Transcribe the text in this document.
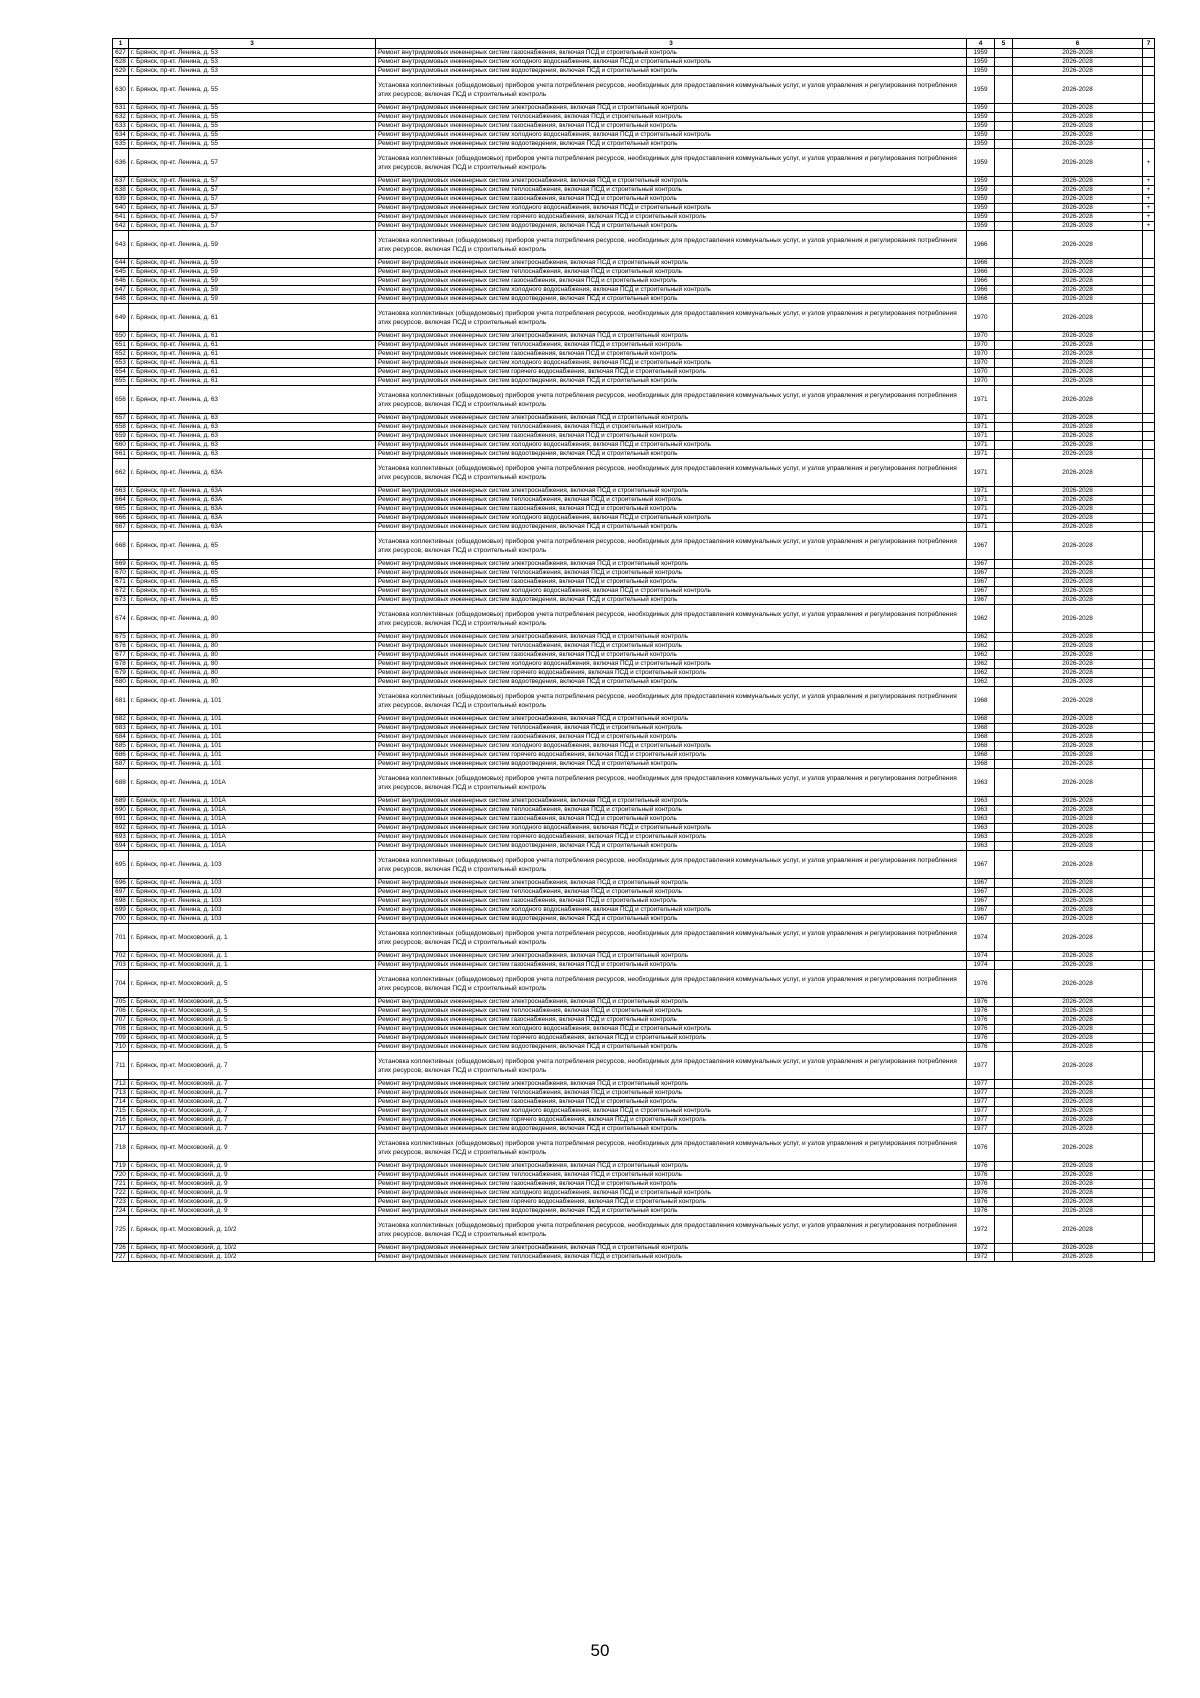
1	3	3	4	5	6	7
627	г. Брянск, пр-кт. Ленина, д. 53	Ремонт внутридомовых инженерных систем газоснабжения, включая ПСД и строительный контроль	1959		2026-2028	
628	г. Брянск, пр-кт. Ленина, д. 53	Ремонт внутридомовых инженерных систем холодного водоснабжения, включая ПСД и строительный контроль	1959		2026-2028	
629	г. Брянск, пр-кт. Ленина, д. 53	Ремонт внутридомовых инженерных систем водоотведения, включая ПСД и строительный контроль	1959		2026-2028	
630	г. Брянск, пр-кт. Ленина, д. 55	Установка коллективных (общедомовых) приборов учета потребления ресурсов, необходимых для предоставления коммунальных услуг, и узлов управления и регулирования потребления этих ресурсов, включая ПСД и строительный контроль	1959		2026-2028	
631	г. Брянск, пр-кт. Ленина, д. 55	Ремонт внутридомовых инженерных систем электроснабжения, включая ПСД и строительный контроль	1959		2026-2028	
632	г. Брянск, пр-кт. Ленина, д. 55	Ремонт внутридомовых инженерных систем теплоснабжения, включая ПСД и строительный контроль	1959		2026-2028	
633	г. Брянск, пр-кт. Ленина, д. 55	Ремонт внутридомовых инженерных систем газоснабжения, включая ПСД и строительный контроль	1959		2026-2028	
634	г. Брянск, пр-кт. Ленина, д. 55	Ремонт внутридомовых инженерных систем холодного водоснабжения, включая ПСД и строительный контроль	1959		2026-2028	
635	г. Брянск, пр-кт. Ленина, д. 55	Ремонт внутридомовых инженерных систем водоотведения, включая ПСД и строительный контроль	1959		2026-2028	
636	г. Брянск, пр-кт. Ленина, д. 57	Установка коллективных (общедомовых) приборов учета потребления ресурсов, необходимых для предоставления коммунальных услуг, и узлов управления и регулирования потребления этих ресурсов, включая ПСД и строительный контроль	1959		2026-2028	+
637	г. Брянск, пр-кт. Ленина, д. 57	Ремонт внутридомовых инженерных систем электроснабжения, включая ПСД и строительный контроль	1959		2026-2028	+
638	г. Брянск, пр-кт. Ленина, д. 57	Ремонт внутридомовых инженерных систем теплоснабжения, включая ПСД и строительный контроль	1959		2026-2028	+
639	г. Брянск, пр-кт. Ленина, д. 57	Ремонт внутридомовых инженерных систем газоснабжения, включая ПСД и строительный контроль	1959		2026-2028	+
640	г. Брянск, пр-кт. Ленина, д. 57	Ремонт внутридомовых инженерных систем холодного водоснабжения, включая ПСД и строительный контроль	1959		2026-2028	+
641	г. Брянск, пр-кт. Ленина, д. 57	Ремонт внутридомовых инженерных систем горячего водоснабжения, включая ПСД и строительный контроль	1959		2026-2028	+
642	г. Брянск, пр-кт. Ленина, д. 57	Ремонт внутридомовых инженерных систем водоотведения, включая ПСД и строительный контроль	1959		2026-2028	+
643	г. Брянск, пр-кт. Ленина, д. 59	Установка коллективных (общедомовых) приборов учета потребления ресурсов, необходимых для предоставления коммунальных услуг, и узлов управления и регулирования потребления этих ресурсов, включая ПСД и строительный контроль	1966		2026-2028	
644	г. Брянск, пр-кт. Ленина, д. 59	Ремонт внутридомовых инженерных систем электроснабжения, включая ПСД и строительный контроль	1966		2026-2028	
645	г. Брянск, пр-кт. Ленина, д. 59	Ремонт внутридомовых инженерных систем теплоснабжения, включая ПСД и строительный контроль	1966		2026-2028	
646	г. Брянск, пр-кт. Ленина, д. 59	Ремонт внутридомовых инженерных систем газоснабжения, включая ПСД и строительный контроль	1966		2026-2028	
647	г. Брянск, пр-кт. Ленина, д. 59	Ремонт внутридомовых инженерных систем холодного водоснабжения, включая ПСД и строительный контроль	1966		2026-2028	
648	г. Брянск, пр-кт. Ленина, д. 59	Ремонт внутридомовых инженерных систем водоотведения, включая ПСД и строительный контроль	1966		2026-2028	
649	г. Брянск, пр-кт. Ленина, д. 61	Установка коллективных (общедомовых) приборов учета потребления ресурсов, необходимых для предоставления коммунальных услуг, и узлов управления и регулирования потребления этих ресурсов, включая ПСД и строительный контроль	1970		2026-2028	
650	г. Брянск, пр-кт. Ленина, д. 61	Ремонт внутридомовых инженерных систем электроснабжения, включая ПСД и строительный контроль	1970		2026-2028	
651	г. Брянск, пр-кт. Ленина, д. 61	Ремонт внутридомовых инженерных систем теплоснабжения, включая ПСД и строительный контроль	1970		2026-2028	
652	г. Брянск, пр-кт. Ленина, д. 61	Ремонт внутридомовых инженерных систем газоснабжения, включая ПСД и строительный контроль	1970		2026-2028	
653	г. Брянск, пр-кт. Ленина, д. 61	Ремонт внутридомовых инженерных систем холодного водоснабжения, включая ПСД и строительный контроль	1970		2026-2028	
654	г. Брянск, пр-кт. Ленина, д. 61	Ремонт внутридомовых инженерных систем горячего водоснабжения, включая ПСД и строительный контроль	1970		2026-2028	
655	г. Брянск, пр-кт. Ленина, д. 61	Ремонт внутридомовых инженерных систем водоотведения, включая ПСД и строительный контроль	1970		2026-2028	
656	г. Брянск, пр-кт. Ленина, д. 63	Установка коллективных (общедомовых) приборов учета потребления ресурсов, необходимых для предоставления коммунальных услуг, и узлов управления и регулирования потребления этих ресурсов, включая ПСД и строительный контроль	1971		2026-2028	
657	г. Брянск, пр-кт. Ленина, д. 63	Ремонт внутридомовых инженерных систем электроснабжения, включая ПСД и строительный контроль	1971		2026-2028	
658	г. Брянск, пр-кт. Ленина, д. 63	Ремонт внутридомовых инженерных систем теплоснабжения, включая ПСД и строительный контроль	1971		2026-2028	
659	г. Брянск, пр-кт. Ленина, д. 63	Ремонт внутридомовых инженерных систем газоснабжения, включая ПСД и строительный контроль	1971		2026-2028	
660	г. Брянск, пр-кт. Ленина, д. 63	Ремонт внутридомовых инженерных систем холодного водоснабжения, включая ПСД и строительный контроль	1971		2026-2028	
661	г. Брянск, пр-кт. Ленина, д. 63	Ремонт внутридомовых инженерных систем водоотведения, включая ПСД и строительный контроль	1971		2026-2028	
662	г. Брянск, пр-кт. Ленина, д. 63А	Установка коллективных (общедомовых) приборов учета потребления ресурсов, необходимых для предоставления коммунальных услуг, и узлов управления и регулирования потребления этих ресурсов, включая ПСД и строительный контроль	1971		2026-2028	
663	г. Брянск, пр-кт. Ленина, д. 63А	Ремонт внутридомовых инженерных систем электроснабжения, включая ПСД и строительный контроль	1971		2026-2028	
664	г. Брянск, пр-кт. Ленина, д. 63А	Ремонт внутридомовых инженерных систем теплоснабжения, включая ПСД и строительный контроль	1971		2026-2028	
665	г. Брянск, пр-кт. Ленина, д. 63А	Ремонт внутридомовых инженерных систем газоснабжения, включая ПСД и строительный контроль	1971		2026-2028	
666	г. Брянск, пр-кт. Ленина, д. 63А	Ремонт внутридомовых инженерных систем холодного водоснабжения, включая ПСД и строительный контроль	1971		2026-2028	
667	г. Брянск, пр-кт. Ленина, д. 63А	Ремонт внутридомовых инженерных систем водоотведения, включая ПСД и строительный контроль	1971		2026-2028	
668	г. Брянск, пр-кт. Ленина, д. 65	Установка коллективных (общедомовых) приборов учета потребления ресурсов, необходимых для предоставления коммунальных услуг, и узлов управления и регулирования потребления этих ресурсов, включая ПСД и строительный контроль	1967		2026-2028	
669	г. Брянск, пр-кт. Ленина, д. 65	Ремонт внутридомовых инженерных систем электроснабжения, включая ПСД и строительный контроль	1967		2026-2028	
670	г. Брянск, пр-кт. Ленина, д. 65	Ремонт внутридомовых инженерных систем теплоснабжения, включая ПСД и строительный контроль	1967		2026-2028	
671	г. Брянск, пр-кт. Ленина, д. 65	Ремонт внутридомовых инженерных систем газоснабжения, включая ПСД и строительный контроль	1967		2026-2028	
672	г. Брянск, пр-кт. Ленина, д. 65	Ремонт внутридомовых инженерных систем холодного водоснабжения, включая ПСД и строительный контроль	1967		2026-2028	
673	г. Брянск, пр-кт. Ленина, д. 65	Ремонт внутридомовых инженерных систем водоотведения, включая ПСД и строительный контроль	1967		2026-2028	
674	г. Брянск, пр-кт. Ленина, д. 80	Установка коллективных (общедомовых) приборов учета потребления ресурсов, необходимых для предоставления коммунальных услуг, и узлов управления и регулирования потребления этих ресурсов, включая ПСД и строительный контроль	1962		2026-2028	
675	г. Брянск, пр-кт. Ленина, д. 80	Ремонт внутридомовых инженерных систем электроснабжения, включая ПСД и строительный контроль	1962		2026-2028	
676	г. Брянск, пр-кт. Ленина, д. 80	Ремонт внутридомовых инженерных систем теплоснабжения, включая ПСД и строительный контроль	1962		2026-2028	
677	г. Брянск, пр-кт. Ленина, д. 80	Ремонт внутридомовых инженерных систем газоснабжения, включая ПСД и строительный контроль	1962		2026-2028	
678	г. Брянск, пр-кт. Ленина, д. 80	Ремонт внутридомовых инженерных систем холодного водоснабжения, включая ПСД и строительный контроль	1962		2026-2028	
679	г. Брянск, пр-кт. Ленина, д. 80	Ремонт внутридомовых инженерных систем горячего водоснабжения, включая ПСД и строительный контроль	1962		2026-2028	
680	г. Брянск, пр-кт. Ленина, д. 80	Ремонт внутридомовых инженерных систем водоотведения, включая ПСД и строительный контроль	1962		2026-2028	
681	г. Брянск, пр-кт. Ленина, д. 101	Установка коллективных (общедомовых) приборов учета потребления ресурсов, необходимых для предоставления коммунальных услуг, и узлов управления и регулирования потребления этих ресурсов, включая ПСД и строительный контроль	1968		2026-2028	
682	г. Брянск, пр-кт. Ленина, д. 101	Ремонт внутридомовых инженерных систем электроснабжения, включая ПСД и строительный контроль	1968		2026-2028	
683	г. Брянск, пр-кт. Ленина, д. 101	Ремонт внутридомовых инженерных систем теплоснабжения, включая ПСД и строительный контроль	1968		2026-2028	
684	г. Брянск, пр-кт. Ленина, д. 101	Ремонт внутридомовых инженерных систем газоснабжения, включая ПСД и строительный контроль	1968		2026-2028	
685	г. Брянск, пр-кт. Ленина, д. 101	Ремонт внутридомовых инженерных систем холодного водоснабжения, включая ПСД и строительный контроль	1968		2026-2028	
686	г. Брянск, пр-кт. Ленина, д. 101	Ремонт внутридомовых инженерных систем горячего водоснабжения, включая ПСД и строительный контроль	1968		2026-2028	
687	г. Брянск, пр-кт. Ленина, д. 101	Ремонт внутридомовых инженерных систем водоотведения, включая ПСД и строительный контроль	1968		2026-2028	
688	г. Брянск, пр-кт. Ленина, д. 101А	Установка коллективных (общедомовых) приборов учета потребления ресурсов, необходимых для предоставления коммунальных услуг, и узлов управления и регулирования потребления этих ресурсов, включая ПСД и строительный контроль	1963		2026-2028	
689	г. Брянск, пр-кт. Ленина, д. 101А	Ремонт внутридомовых инженерных систем электроснабжения, включая ПСД и строительный контроль	1963		2026-2028	
690	г. Брянск, пр-кт. Ленина, д. 101А	Ремонт внутридомовых инженерных систем теплоснабжения, включая ПСД и строительный контроль	1963		2026-2028	
691	г. Брянск, пр-кт. Ленина, д. 101А	Ремонт внутридомовых инженерных систем газоснабжения, включая ПСД и строительный контроль	1963		2026-2028	
692	г. Брянск, пр-кт. Ленина, д. 101А	Ремонт внутридомовых инженерных систем холодного водоснабжения, включая ПСД и строительный контроль	1963		2026-2028	
693	г. Брянск, пр-кт. Ленина, д. 101А	Ремонт внутридомовых инженерных систем горячего водоснабжения, включая ПСД и строительный контроль	1963		2026-2028	
694	г. Брянск, пр-кт. Ленина, д. 101А	Ремонт внутридомовых инженерных систем водоотведения, включая ПСД и строительный контроль	1963		2026-2028	
695	г. Брянск, пр-кт. Ленина, д. 103	Установка коллективных (общедомовых) приборов учета потребления ресурсов, необходимых для предоставления коммунальных услуг, и узлов управления и регулирования потребления этих ресурсов, включая ПСД и строительный контроль	1967		2026-2028	
696	г. Брянск, пр-кт. Ленина, д. 103	Ремонт внутридомовых инженерных систем электроснабжения, включая ПСД и строительный контроль	1967		2026-2028	
697	г. Брянск, пр-кт. Ленина, д. 103	Ремонт внутридомовых инженерных систем теплоснабжения, включая ПСД и строительный контроль	1967		2026-2028	
698	г. Брянск, пр-кт. Ленина, д. 103	Ремонт внутридомовых инженерных систем газоснабжения, включая ПСД и строительный контроль	1967		2026-2028	
699	г. Брянск, пр-кт. Ленина, д. 103	Ремонт внутридомовых инженерных систем холодного водоснабжения, включая ПСД и строительный контроль	1967		2026-2028	
700	г. Брянск, пр-кт. Ленина, д. 103	Ремонт внутридомовых инженерных систем водоотведения, включая ПСД и строительный контроль	1967		2026-2028	
701	г. Брянск, пр-кт. Московский, д. 1	Установка коллективных (общедомовых) приборов учета потребления ресурсов, необходимых для предоставления коммунальных услуг, и узлов управления и регулирования потребления этих ресурсов, включая ПСД и строительный контроль	1974		2026-2028	
702	г. Брянск, пр-кт. Московский, д. 1	Ремонт внутридомовых инженерных систем электроснабжения, включая ПСД и строительный контроль	1974		2026-2028	
703	г. Брянск, пр-кт. Московский, д. 1	Ремонт внутридомовых инженерных систем газоснабжения, включая ПСД и строительный контроль	1974		2026-2028	
704	г. Брянск, пр-кт. Московский, д. 5	Установка коллективных (общедомовых) приборов учета потребления ресурсов, необходимых для предоставления коммунальных услуг, и узлов управления и регулирования потребления этих ресурсов, включая ПСД и строительный контроль	1976		2026-2028	
705	г. Брянск, пр-кт. Московский, д. 5	Ремонт внутридомовых инженерных систем электроснабжения, включая ПСД и строительный контроль	1976		2026-2028	
706	г. Брянск, пр-кт. Московский, д. 5	Ремонт внутридомовых инженерных систем теплоснабжения, включая ПСД и строительный контроль	1976		2026-2028	
707	г. Брянск, пр-кт. Московский, д. 5	Ремонт внутридомовых инженерных систем газоснабжения, включая ПСД и строительный контроль	1976		2026-2028	
708	г. Брянск, пр-кт. Московский, д. 5	Ремонт внутридомовых инженерных систем холодного водоснабжения, включая ПСД и строительный контроль	1976		2026-2028	
709	г. Брянск, пр-кт. Московский, д. 5	Ремонт внутридомовых инженерных систем горячего водоснабжения, включая ПСД и строительный контроль	1976		2026-2028	
710	г. Брянск, пр-кт. Московский, д. 5	Ремонт внутридомовых инженерных систем водоотведения, включая ПСД и строительный контроль	1976		2026-2028	
711	г. Брянск, пр-кт. Московский, д. 7	Установка коллективных (общедомовых) приборов учета потребления ресурсов, необходимых для предоставления коммунальных услуг, и узлов управления и регулирования потребления этих ресурсов, включая ПСД и строительный контроль	1977		2026-2028	
712	г. Брянск, пр-кт. Московский, д. 7	Ремонт внутридомовых инженерных систем электроснабжения, включая ПСД и строительный контроль	1977		2026-2028	
713	г. Брянск, пр-кт. Московский, д. 7	Ремонт внутридомовых инженерных систем теплоснабжения, включая ПСД и строительный контроль	1977		2026-2028	
714	г. Брянск, пр-кт. Московский, д. 7	Ремонт внутридомовых инженерных систем газоснабжения, включая ПСД и строительный контроль	1977		2026-2028	
715	г. Брянск, пр-кт. Московский, д. 7	Ремонт внутридомовых инженерных систем холодного водоснабжения, включая ПСД и строительный контроль	1977		2026-2028	
716	г. Брянск, пр-кт. Московский, д. 7	Ремонт внутридомовых инженерных систем горячего водоснабжения, включая ПСД и строительный контроль	1977		2026-2028	
717	г. Брянск, пр-кт. Московский, д. 7	Ремонт внутридомовых инженерных систем водоотведения, включая ПСД и строительный контроль	1977		2026-2028	
718	г. Брянск, пр-кт. Московский, д. 9	Установка коллективных (общедомовых) приборов учета потребления ресурсов, необходимых для предоставления коммунальных услуг, и узлов управления и регулирования потребления этих ресурсов, включая ПСД и строительный контроль	1976		2026-2028	
719	г. Брянск, пр-кт. Московский, д. 9	Ремонт внутридомовых инженерных систем электроснабжения, включая ПСД и строительный контроль	1976		2026-2028	
720	г. Брянск, пр-кт. Московский, д. 9	Ремонт внутридомовых инженерных систем теплоснабжения, включая ПСД и строительный контроль	1976		2026-2028	
721	г. Брянск, пр-кт. Московский, д. 9	Ремонт внутридомовых инженерных систем газоснабжения, включая ПСД и строительный контроль	1976		2026-2028	
722	г. Брянск, пр-кт. Московский, д. 9	Ремонт внутридомовых инженерных систем холодного водоснабжения, включая ПСД и строительный контроль	1976		2026-2028	
723	г. Брянск, пр-кт. Московский, д. 9	Ремонт внутридомовых инженерных систем горячего водоснабжения, включая ПСД и строительный контроль	1976		2026-2028	
724	г. Брянск, пр-кт. Московский, д. 9	Ремонт внутридомовых инженерных систем водоотведения, включая ПСД и строительный контроль	1976		2026-2028	
725	г. Брянск, пр-кт. Московский, д. 10/2	Установка коллективных (общедомовых) приборов учета потребления ресурсов, необходимых для предоставления коммунальных услуг, и узлов управления и регулирования потребления этих ресурсов, включая ПСД и строительный контроль	1972		2026-2028	
726	г. Брянск, пр-кт. Московский, д. 10/2	Ремонт внутридомовых инженерных систем электроснабжения, включая ПСД и строительный контроль	1972		2026-2028	
727	г. Брянск, пр-кт. Московский, д. 10/2	Ремонт внутридомовых инженерных систем теплоснабжения, включая ПСД и строительный контроль	1972		2026-2028	
50
